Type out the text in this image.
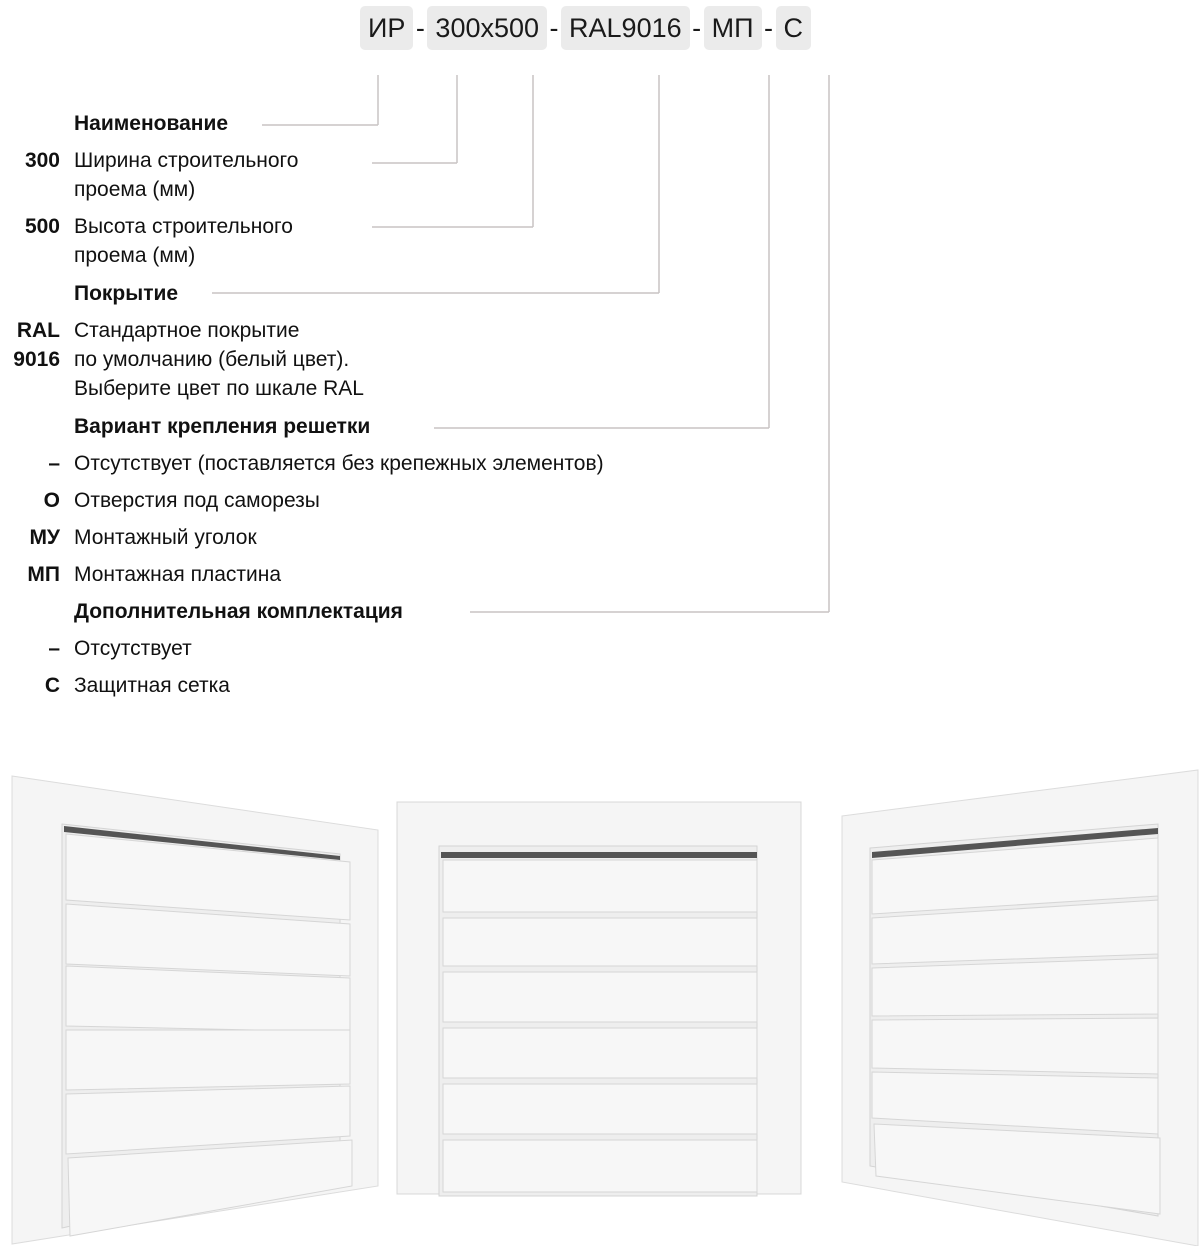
ИР - 300x500 - RAL9016 - МП - С
Наименование
300 Ширина строительного
проема (мм)
500 Высота строительного
проема (мм)
Покрытие
RAL
9016
Стандартное покрытие
по умолчанию (белый цвет).
Выберите цвет по шкале RAL
Вариант крепления решетки
– Отсутствует (поставляется без крепежных элементов)
О Отверстия под саморезы
МУ Монтажный уголок
МП Монтажная пластина
Дополнительная комплектация
– Отсутствует
С Защитная сетка
